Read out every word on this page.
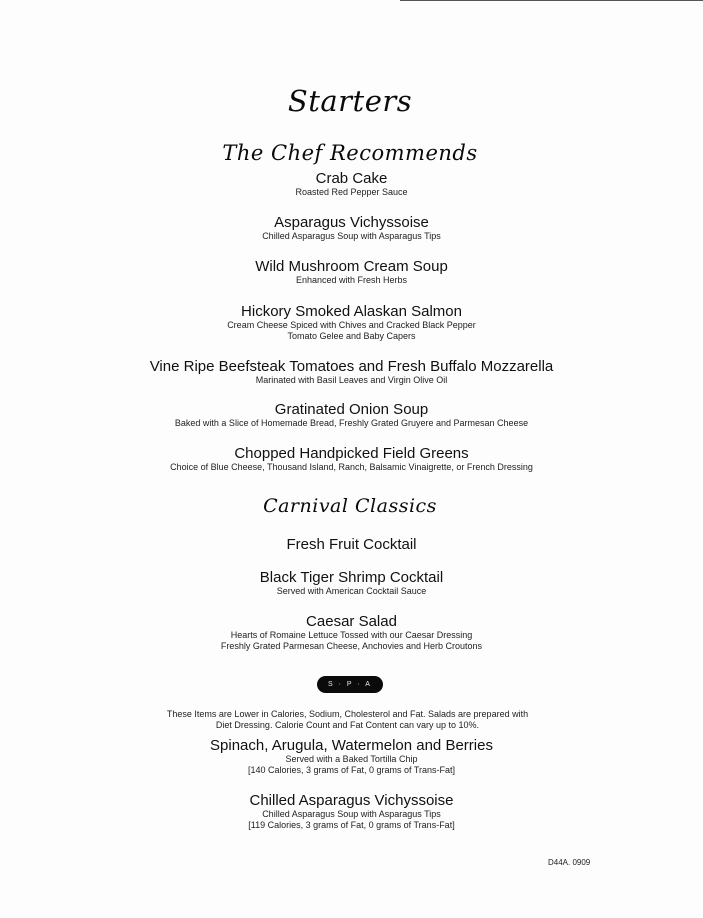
Starters
The Chef Recommends
Crab Cake
Roasted Red Pepper Sauce
Asparagus Vichyssoise
Chilled Asparagus Soup with Asparagus Tips
Wild Mushroom Cream Soup
Enhanced with Fresh Herbs
Hickory Smoked Alaskan Salmon
Cream Cheese Spiced with Chives and Cracked Black Pepper
Tomato Gelee and Baby Capers
Vine Ripe Beefsteak Tomatoes and Fresh Buffalo Mozzarella
Marinated with Basil Leaves and Virgin Olive Oil
Gratinated Onion Soup
Baked with a Slice of Homemade Bread, Freshly Grated Gruyere and Parmesan Cheese
Chopped Handpicked Field Greens
Choice of Blue Cheese, Thousand Island, Ranch, Balsamic Vinaigrette, or French Dressing
Carnival Classics
Fresh Fruit Cocktail
Black Tiger Shrimp Cocktail
Served with American Cocktail Sauce
Caesar Salad
Hearts of Romaine Lettuce Tossed with our Caesar Dressing
Freshly Grated Parmesan Cheese, Anchovies and Herb Croutons
S · P · A
These Items are Lower in Calories, Sodium, Cholesterol and Fat. Salads are prepared with
Diet Dressing. Calorie Count and Fat Content can vary up to 10%.
Spinach, Arugula, Watermelon and Berries
Served with a Baked Tortilla Chip
[140 Calories, 3 grams of Fat, 0 grams of Trans-Fat]
Chilled Asparagus Vichyssoise
Chilled Asparagus Soup with Asparagus Tips
[119 Calories, 3 grams of Fat, 0 grams of Trans-Fat]
D44A. 0909
